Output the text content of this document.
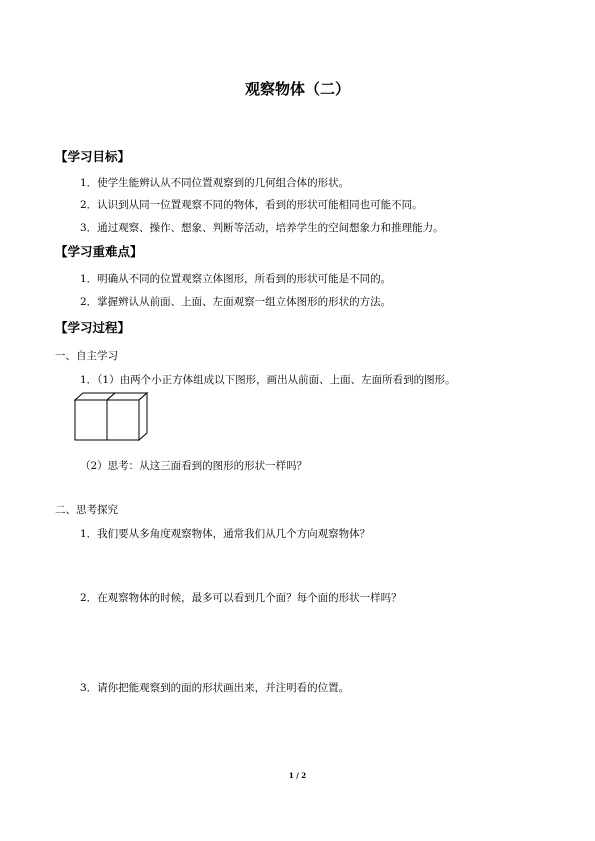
观察物体（二）
【学习目标】
1．使学生能辨认从不同位置观察到的几何组合体的形状。
2．认识到从同一位置观察不同的物体，看到的形状可能相同也可能不同。
3．通过观察、操作、想象、判断等活动，培养学生的空间想象力和推理能力。
【学习重难点】
1．明确从不同的位置观察立体图形，所看到的形状可能是不同的。
2．掌握辨认从前面、上面、左面观察一组立体图形的形状的方法。
【学习过程】
一、自主学习
1．（1）由两个小正方体组成以下图形，画出从前面、上面、左面所看到的图形。
（2）思考：从这三面看到的图形的形状一样吗？
二、思考探究
1．我们要从多角度观察物体，通常我们从几个方向观察物体？
2．在观察物体的时候，最多可以看到几个面？每个面的形状一样吗？
3．请你把能观察到的面的形状画出来，并注明看的位置。
1 / 2
